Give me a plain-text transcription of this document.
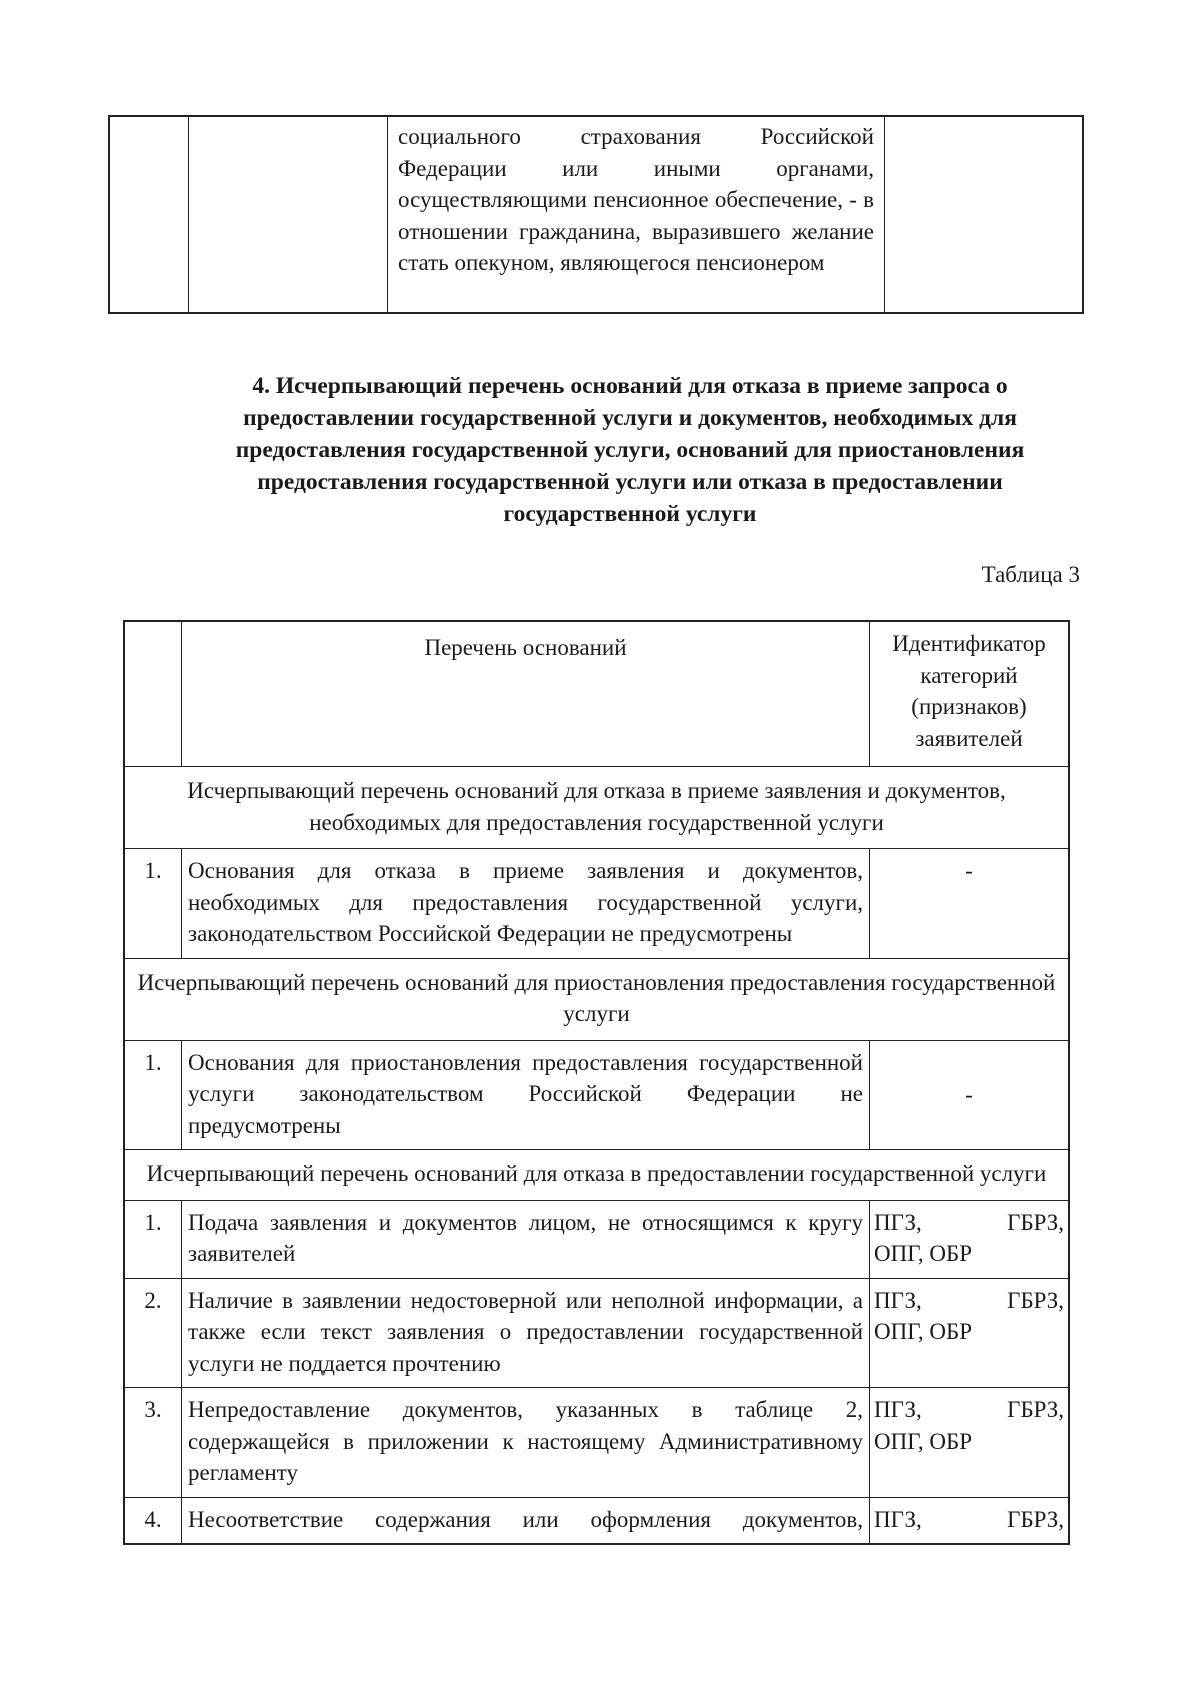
социального страхования Российской Федерации или иными органами, осуществляющими пенсионное обеспечение, - в отношении гражданина, выразившего желание стать опекуном, являющегося пенсионером

4. Исчерпывающий перечень оснований для отказа в приеме запроса о предоставлении государственной услуги и документов, необходимых для предоставления государственной услуги, оснований для приостановления предоставления государственной услуги или отказа в предоставлении государственной услуги
Таблица 3
	Перечень оснований	Идентификатор категорий (признаков) заявителей
Исчерпывающий перечень оснований для отказа в приеме заявления и документов, необходимых для предоставления государственной услуги		
1.	Основания для отказа в приеме заявления и документов, необходимых для предоставления государственной услуги, законодательством Российской Федерации не предусмотрены	-
Исчерпывающий перечень оснований для приостановления предоставления государственной услуги		
1.	Основания для приостановления предоставления государственной услуги законодательством Российской Федерации не предусмотрены	-
Исчерпывающий перечень оснований для отказа в предоставлении государственной услуги		
1.	Подача заявления и документов лицом, не относящимся к кругу заявителей	ПГЗ, ГБРЗ,
ОПГ, ОБР

2.	Наличие в заявлении недостоверной или неполной информации, а также если текст заявления о предоставлении государственной услуги не поддается прочтению	ПГЗ, ГБРЗ,
ОПГ, ОБР

3.	Непредоставление документов, указанных в таблице 2, содержащейся в приложении к настоящему Административному регламенту	ПГЗ, ГБРЗ,
ОПГ, ОБР

4.	Несоответствие содержания или оформления документов,	ПГЗ, ГБРЗ,
